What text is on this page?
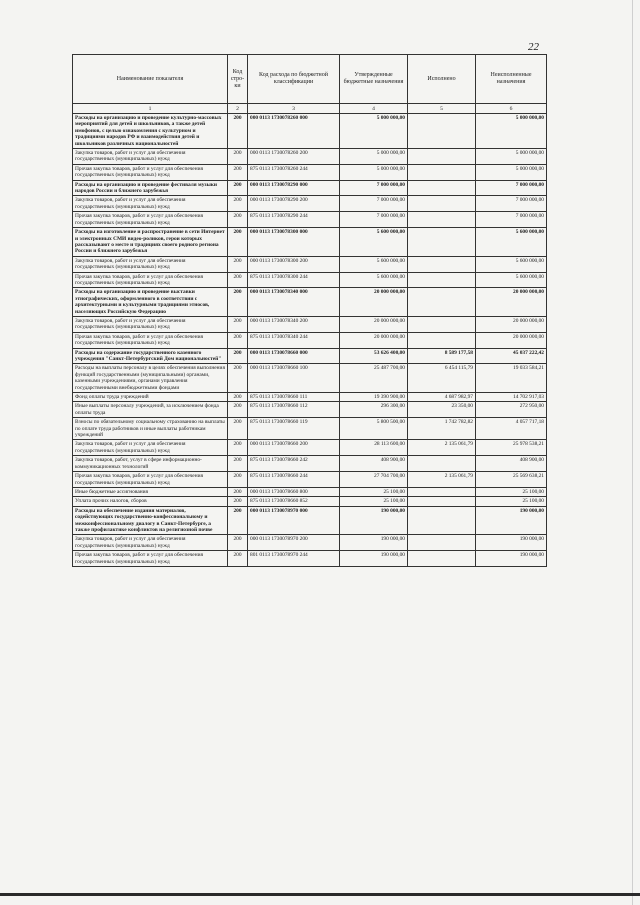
22
Наименование показателя	Код стро-ки	Код расхода по бюджетной классификации	Утвержденные бюджетные назначения	Исполнено	Неисполненные назначения
1	2	3	4	5	6
Расходы на организацию и проведение культурно-массовых мероприятий для детей и школьников, а также детей имофонов, с целью ознакомления с культурном и традициями народов РФ и взаимодействия детей и школьников различных национальностей	200	000 0113 1730078260 000	5 000 000,00		5 000 000,00
Закупка товаров, работ и услуг для обеспечения государственных (муниципальных) нужд	200	000 0113 1730078260 200	5 000 000,00		5 000 000,00
Прочая закупка товаров, работ и услуг для обеспечения государственных (муниципальных) нужд	200	875 0113 1730078260 244	5 000 000,00		5 000 000,00
Расходы на организацию и проведение фестиваля музыки народов России и ближнего зарубежья	200	000 0113 1730078290 000	7 000 000,00		7 000 000,00
Закупка товаров, работ и услуг для обеспечения государственных (муниципальных) нужд	200	000 0113 1730078290 200	7 000 000,00		7 000 000,00
Прочая закупка товаров, работ и услуг для обеспечения государственных (муниципальных) нужд	200	875 0113 1730078290 244	7 000 000,00		7 000 000,00
Расходы на изготовление и распространение в сети Интернет и электронных СМИ видео-роликов, герои которых рассказывают о месте и традициях своего родного региона России и ближнего зарубежья	200	000 0113 1730078300 000	5 600 000,00		5 600 000,00
Закупка товаров, работ и услуг для обеспечения государственных (муниципальных) нужд	200	000 0113 1730078300 200	5 600 000,00		5 600 000,00
Прочая закупка товаров, работ и услуг для обеспечения государственных (муниципальных) нужд	200	875 0113 1730078300 244	5 600 000,00		5 600 000,00
Расходы на организацию и проведение выставки этнографических, оформленного в соответствии с архитектурными и культурными традициями этносов, населяющих Российскую Федерацию	200	000 0113 1730078340 000	20 000 000,00		20 000 000,00
Закупка товаров, работ и услуг для обеспечения государственных (муниципальных) нужд	200	000 0113 1730078340 200	20 000 000,00		20 000 000,00
Прочая закупка товаров, работ и услуг для обеспечения государственных (муниципальных) нужд	200	875 0113 1730078340 244	20 000 000,00		20 000 000,00
Расходы на содержание государственного казенного учреждения "Санкт-Петербургский Дом национальностей"	200	000 0113 1730078660 000	53 626 400,00	8 589 177,58	45 037 222,42
Расходы на выплаты персоналу в целях обеспечения выполнения функций государственными (муниципальными) органами, казенными учреждениями, органами управления государственными внебюджетными фондами	200	000 0113 1730078660 100	25 487 700,00	6 454 115,79	19 033 584,21
Фонд оплаты труда учреждений	200	875 0113 1730078660 111	19 390 900,00	4 687 982,97	14 702 917,03
Иные выплаты персоналу учреждений, за исключением фонда оплаты труда	200	875 0113 1730078660 112	296 300,00	23 350,00	272 950,00
Взносы по обязательному социальному страхованию на выплаты по оплате труда работников и иные выплаты работникам учреждений	200	875 0113 1730078660 119	5 800 500,00	1 742 782,82	4 057 717,18
Закупка товаров, работ и услуг для обеспечения государственных (муниципальных) нужд	200	000 0113 1730078660 200	28 113 600,00	2 135 061,79	25 978 538,21
Закупка товаров, работ, услуг в сфере информационно-коммуникационных технологий	200	875 0113 1730078660 242	408 900,00		408 900,00
Прочая закупка товаров, работ и услуг для обеспечения государственных (муниципальных) нужд	200	875 0113 1730078660 244	27 704 700,00	2 135 061,79	25 569 638,21
Иные бюджетные ассигнования	200	000 0113 1730078660 800	25 100,00		25 100,00
Уплата прочих налогов, сборов	200	875 0113 1730078660 852	25 100,00		25 100,00
Расходы на обеспечение издания материалов, содействующих государственно-конфессиональному и межконфессиональному диалогу в Санкт-Петербурге, а также профилактике конфликтов на религиозной почве	200	000 0113 1730078970 000	190 000,00		190 000,00
Закупка товаров, работ и услуг для обеспечения государственных (муниципальных) нужд	200	000 0113 1730078970 200	190 000,00		190 000,00
Прочая закупка товаров, работ и услуг для обеспечения государственных (муниципальных) нужд	200	801 0113 1730078970 244	190 000,00		190 000,00
